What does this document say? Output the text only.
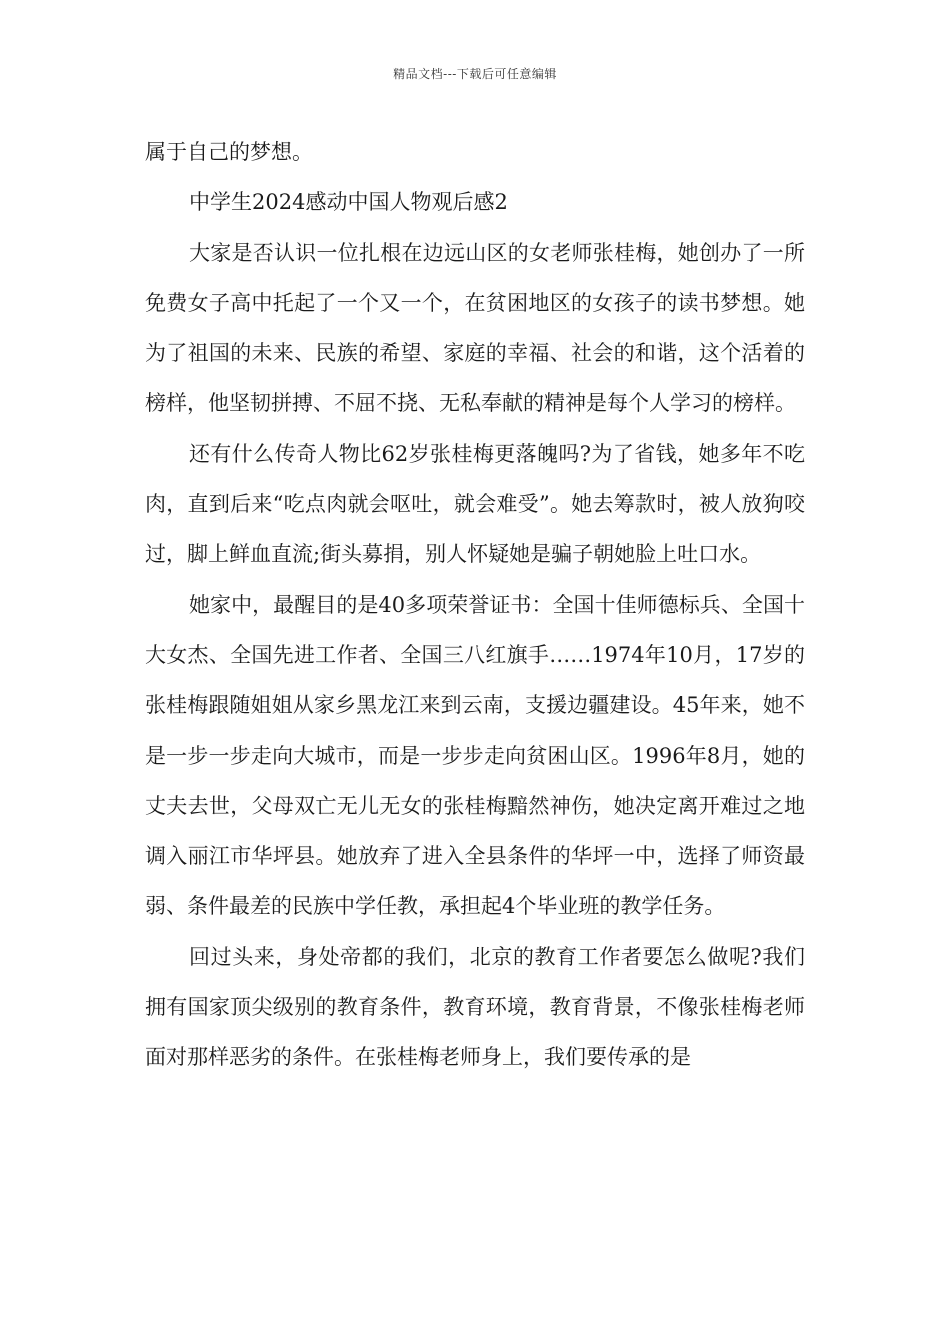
精品文档---下载后可任意编辑

属于自己的梦想。

中学生2024感动中国人物观后感2

大家是否认识一位扎根在边远山区的女老师张桂梅，她创办了一所免费女子高中托起了一个又一个，在贫困地区的女孩子的读书梦想。她为了祖国的未来、民族的希望、家庭的幸福、社会的和谐，这个活着的榜样，他坚韧拼搏、不屈不挠、无私奉献的精神是每个人学习的榜样。

还有什么传奇人物比62岁张桂梅更落魄吗?为了省钱，她多年不吃肉，直到后来“吃点肉就会呕吐，就会难受”。她去筹款时，被人放狗咬过，脚上鲜血直流;街头募捐，别人怀疑她是骗子朝她脸上吐口水。

她家中，最醒目的是40多项荣誉证书：全国十佳师德标兵、全国十大女杰、全国先进工作者、全国三八红旗手……1974年10月，17岁的张桂梅跟随姐姐从家乡黑龙江来到云南，支援边疆建设。45年来，她不是一步一步走向大城市，而是一步步走向贫困山区。1996年8月，她的丈夫去世，父母双亡无儿无女的张桂梅黯然神伤，她决定离开难过之地调入丽江市华坪县。她放弃了进入全县条件的华坪一中，选择了师资最弱、条件最差的民族中学任教，承担起4个毕业班的教学任务。

回过头来，身处帝都的我们，北京的教育工作者要怎么做呢?我们拥有国家顶尖级别的教育条件，教育环境，教育背景，不像张桂梅老师面对那样恶劣的条件。在张桂梅老师身上，我们要传承的是
